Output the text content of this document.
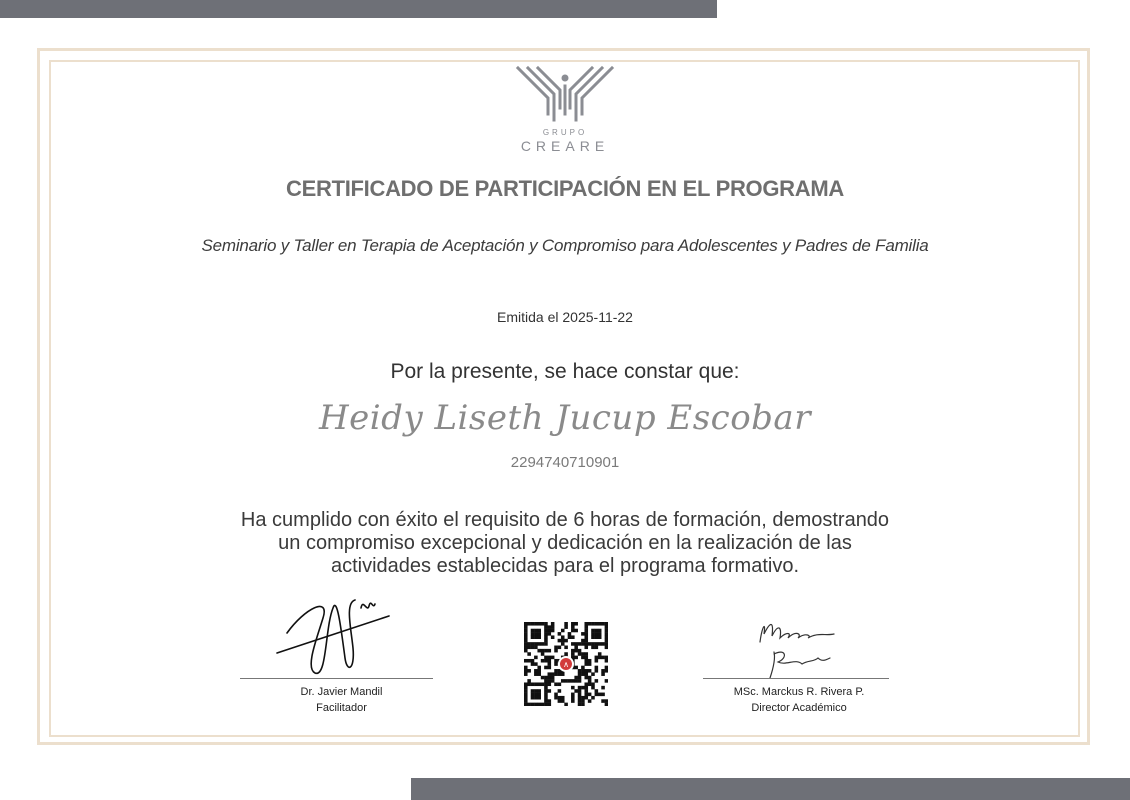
GRUPO
CREARE
CERTIFICADO DE PARTICIPACIÓN EN EL PROGRAMA
Seminario y Taller en Terapia de Aceptación y Compromiso para Adolescentes y Padres de Familia
Emitida el 2025-11-22
Por la presente, se hace constar que:
Heidy Liseth Jucup Escobar
2294740710901
Ha cumplido con éxito el requisito de 6 horas de formación, demostrando un compromiso excepcional y dedicación en la realización de las actividades establecidas para el programa formativo.
Dr. Javier Mandil
Facilitador
∧
MSc. Marckus R. Rivera P.
Director Académico
